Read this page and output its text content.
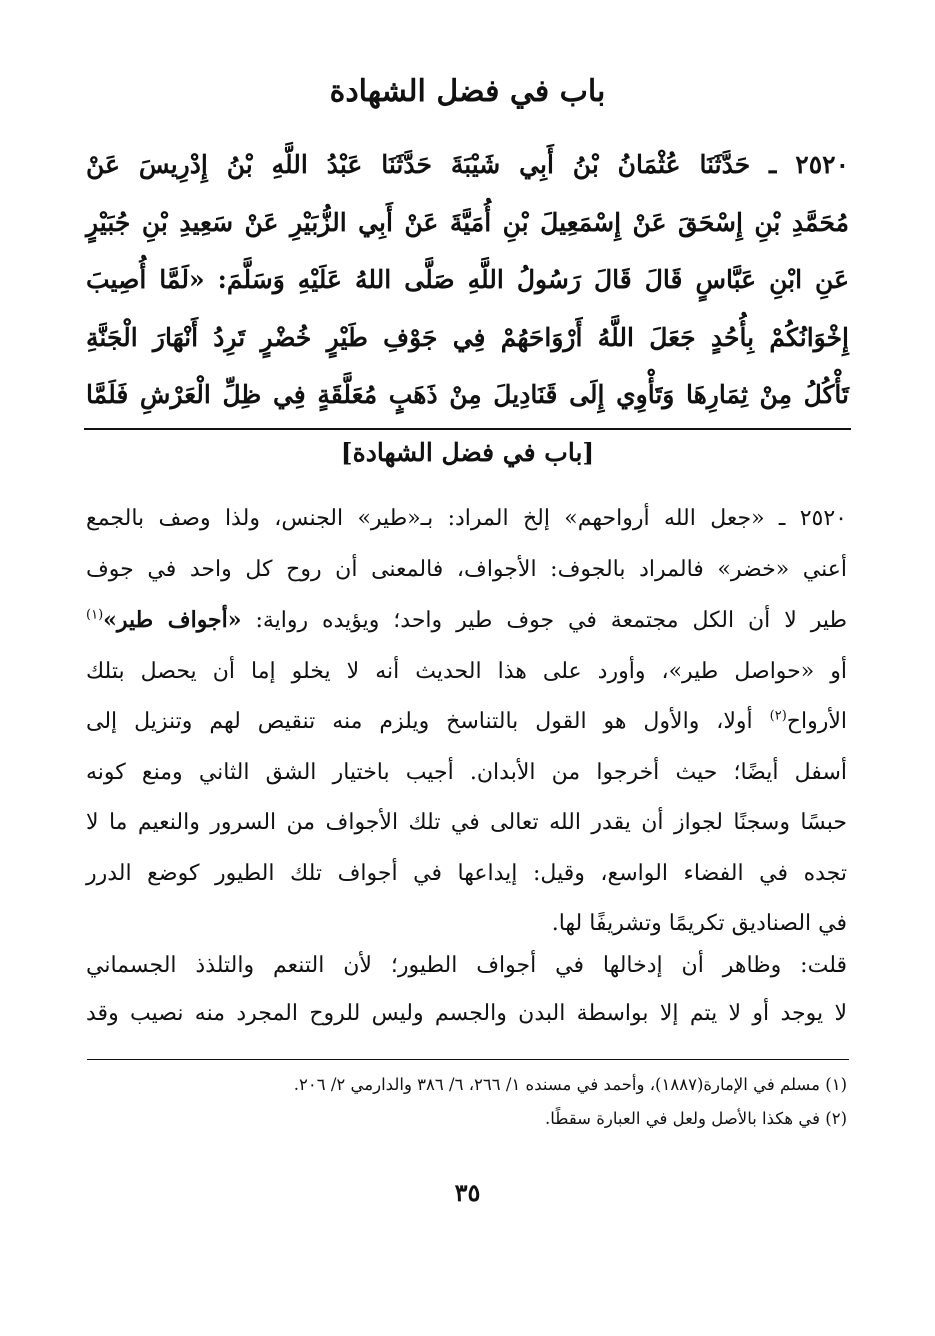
باب في فضل الشهادة
٢٥٢٠ ـ حَدَّثَنَا عُثْمَانُ بْنُ أَبِي شَيْبَةَ حَدَّثَنَا عَبْدُ اللَّهِ بْنُ إِدْرِيسَ عَنْ
مُحَمَّدِ بْنِ إِسْحَقَ عَنْ إِسْمَعِيلَ بْنِ أُمَيَّةَ عَنْ أَبِي الزُّبَيْرِ عَنْ سَعِيدِ بْنِ جُبَيْرٍ
عَنِ ابْنِ عَبَّاسٍ قَالَ قَالَ رَسُولُ اللَّهِ صَلَّى اللهُ عَلَيْهِ وَسَلَّمَ: «لَمَّا أُصِيبَ
إِخْوَانُكُمْ بِأُحُدٍ جَعَلَ اللَّهُ أَرْوَاحَهُمْ فِي جَوْفِ طَيْرٍ خُضْرٍ تَرِدُ أَنْهَارَ الْجَنَّةِ
تَأْكُلُ مِنْ ثِمَارِهَا وَتَأْوِي إِلَى قَنَادِيلَ مِنْ ذَهَبٍ مُعَلَّقَةٍ فِي ظِلِّ الْعَرْشِ فَلَمَّا
[باب في فضل الشهادة]
٢٥٢٠ ـ «جعل الله أرواحهم» إلخ المراد: بـ«طير» الجنس، ولذا وصف بالجمع
أعني «خضر» فالمراد بالجوف: الأجواف، فالمعنى أن روح كل واحد في جوف
طير لا أن الكل مجتمعة في جوف طير واحد؛ ويؤيده رواية: «أجواف طير»$^{(١)}$
أو «حواصل طير»، وأورد على هذا الحديث أنه لا يخلو إما أن يحصل بتلك
الأرواح$^{(٢)}$ أولا، والأول هو القول بالتناسخ ويلزم منه تنقيص لهم وتنزيل إلى
أسفل أيضًا؛ حيث أخرجوا من الأبدان. أجيب باختيار الشق الثاني ومنع كونه
حبسًا وسجنًا لجواز أن يقدر الله تعالى في تلك الأجواف من السرور والنعيم ما لا
تجده في الفضاء الواسع، وقيل: إيداعها في أجواف تلك الطيور كوضع الدرر
في الصناديق تكريمًا وتشريفًا لها.
قلت: وظاهر أن إدخالها في أجواف الطيور؛ لأن التنعم والتلذذ الجسماني
لا يوجد أو لا يتم إلا بواسطة البدن والجسم وليس للروح المجرد منه نصيب وقد
(١) مسلم في الإمارة(١٨٨٧)، وأحمد في مسنده ١/ ٢٦٦، ٦/ ٣٨٦ والدارمي ٢/ ٢٠٦.
(٢) في هكذا بالأصل ولعل في العبارة سقطًا.
٣٥
